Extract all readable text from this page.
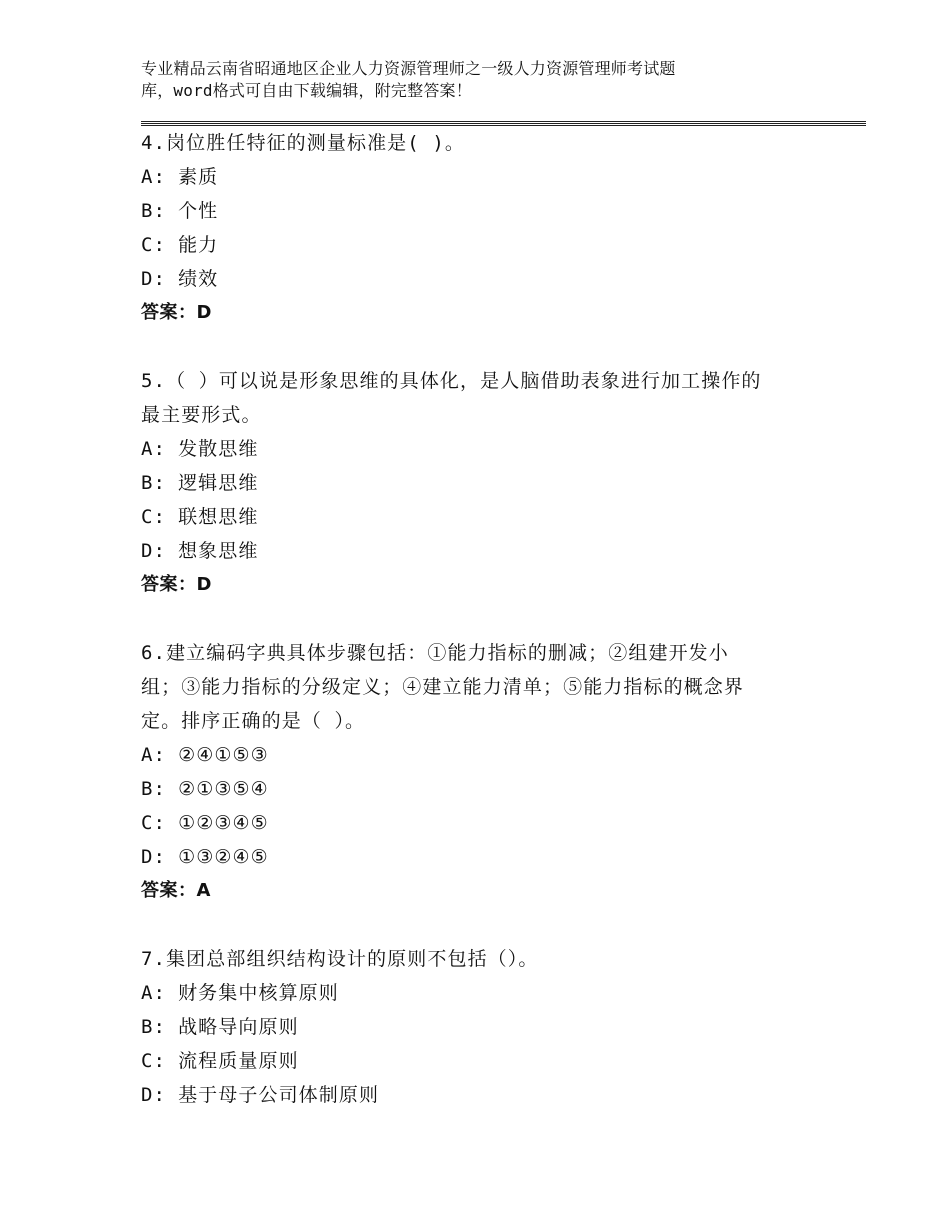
专业精品云南省昭通地区企业人力资源管理师之一级人力资源管理师考试题
库，word格式可自由下载编辑，附完整答案！
4.岗位胜任特征的测量标准是( )。
A: 素质
B: 个性
C: 能力
D: 绩效
答案：D
5.（ ）可以说是形象思维的具体化，是人脑借助表象进行加工操作的
最主要形式。
A: 发散思维
B: 逻辑思维
C: 联想思维
D: 想象思维
答案：D
6.建立编码字典具体步骤包括：①能力指标的删减；②组建开发小
组；③能力指标的分级定义；④建立能力清单；⑤能力指标的概念界
定。排序正确的是（ ）。
A: ②④①⑤③
B: ②①③⑤④
C: ①②③④⑤
D: ①③②④⑤
答案：A
7.集团总部组织结构设计的原则不包括（）。
A: 财务集中核算原则
B: 战略导向原则
C: 流程质量原则
D: 基于母子公司体制原则
